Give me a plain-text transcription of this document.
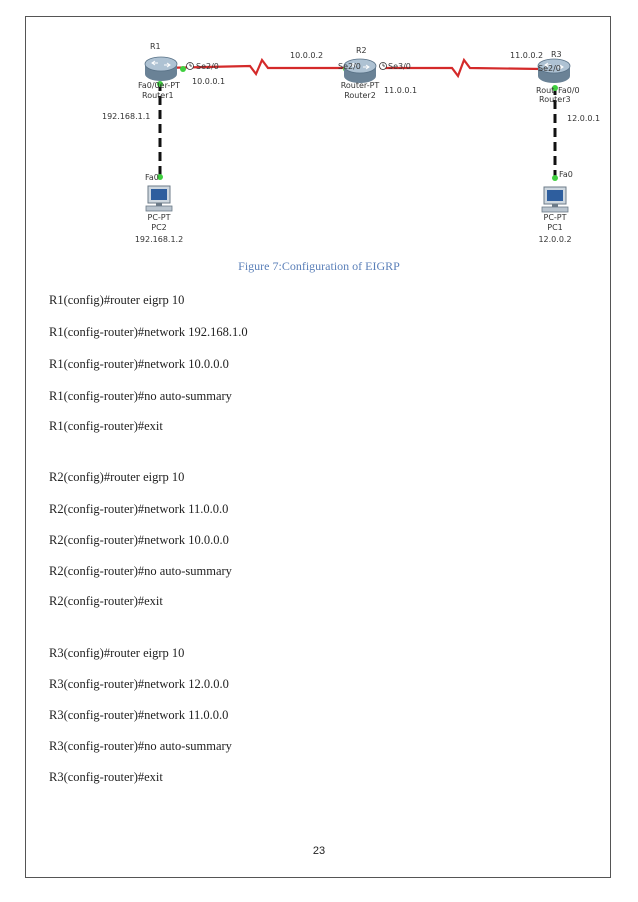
R1
Se2/0
10.0.0.1
Fa0/0er-PT
Router1
192.168.1.1
R2
10.0.0.2
Se2/0	Se3/0
Router-PT
Router2
11.0.0.1
11.0.0.2 R3
Se2/0
Rout Fa0/0
Router3
12.0.0.1
Fa0
PC-PT
PC2
192.168.1.2
Fa0
PC-PT
PC1
12.0.0.2
Figure 7:Configuration of EIGRP
R1(config)#router eigrp 10
R1(config-router)#network 192.168.1.0
R1(config-router)#network 10.0.0.0
R1(config-router)#no auto-summary
R1(config-router)#exit
R2(config)#router eigrp 10
R2(config-router)#network 11.0.0.0
R2(config-router)#network 10.0.0.0
R2(config-router)#no auto-summary
R2(config-router)#exit
R3(config)#router eigrp 10
R3(config-router)#network 12.0.0.0
R3(config-router)#network 11.0.0.0
R3(config-router)#no auto-summary
R3(config-router)#exit
23
